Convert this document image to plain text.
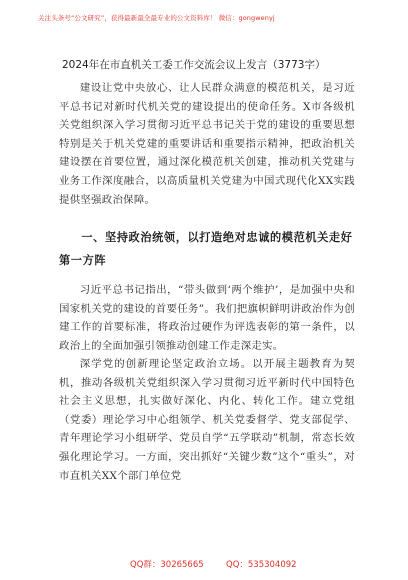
关注头条号“公文研究”，获得最新最全最专业的公文资料库！ 微信：gongwenyj
2024年在市直机关工委工作交流会议上发言（3773字）

建设让党中央放心、让人民群众满意的模范机关，是习近平总书记对新时代机关党的建设提出的使命任务。X市各级机关党组织深入学习贯彻习近平总书记关于党的建设的重要思想特别是关于机关党建的重要讲话和重要指示精神，把政治机关建设摆在首要位置，通过深化模范机关创建，推动机关党建与业务工作深度融合，以高质量机关党建为中国式现代化XX实践提供坚强政治保障。

一、坚持政治统领，以打造绝对忠诚的模范机关走好第一方阵

习近平总书记指出，“带头做到‘两个维护’，是加强中央和国家机关党的建设的首要任务”。我们把旗帜鲜明讲政治作为创建工作的首要标准，将政治过硬作为评选表彰的第一条件，以政治上的全面加强引领推动创建工作走深走实。

深学党的创新理论坚定政治立场。以开展主题教育为契机，推动各级机关党组织深入学习贯彻习近平新时代中国特色社会主义思想，扎实做好深化、内化、转化工作。建立党组（党委）理论学习中心组领学、机关党委督学、党支部促学、青年理论学习小组研学、党员自学“五学联动”机制，常态长效强化理论学习。一方面，突出抓好“关键少数”这个“重头”，对市直机关XX个部门单位党

QQ群：30265665	QQ：535304092
